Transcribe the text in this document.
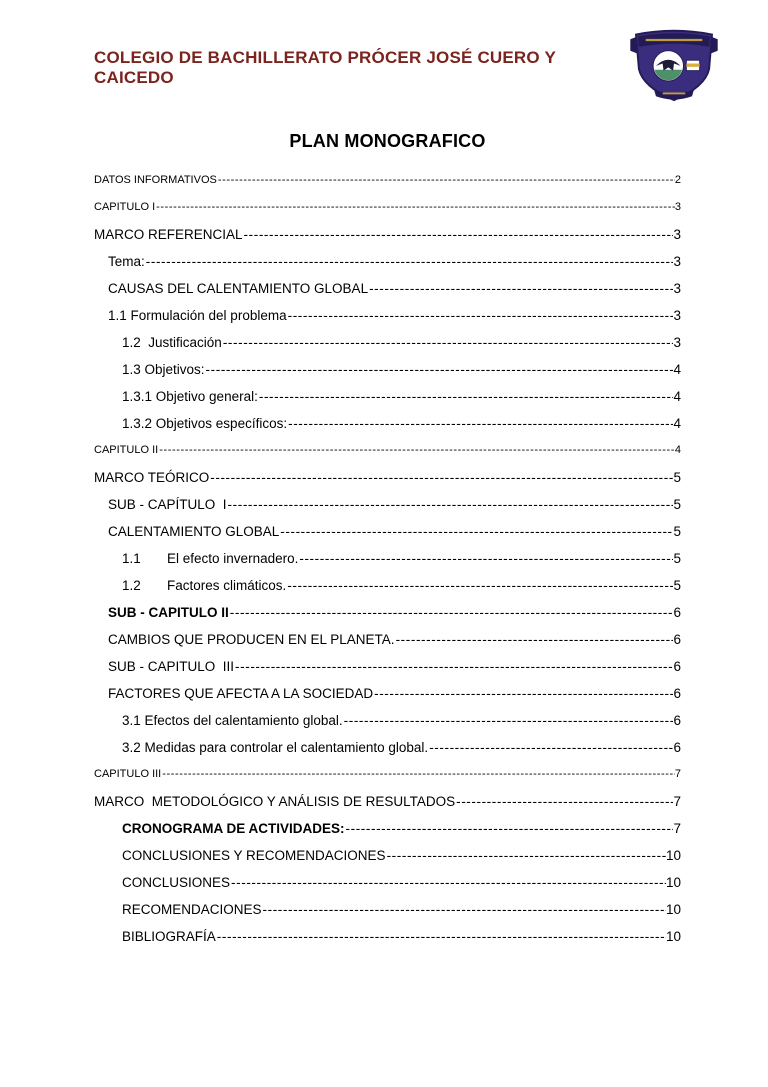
COLEGIO DE BACHILLERATO PRÓCER JOSÉ CUERO Y CAICEDO
PLAN MONOGRAFICO
DATOS INFORMATIVOS -----	2
CAPITULO I -----	3
MARCO REFERENCIAL -----	3
Tema: -----	3
CAUSAS DEL CALENTAMIENTO GLOBAL -----	3
1.1 Formulación del problema -----	3
1.2  Justificación -----	3
1.3 Objetivos: -----	4
1.3.1 Objetivo general: -----	4
1.3.2 Objetivos específicos: -----	4
CAPITULO II -----	4
MARCO TEÓRICO -----	5
SUB - CAPÍTULO  I -----	5
CALENTAMIENTO GLOBAL -----	5
1.1       El efecto invernadero. -----	5
1.2       Factores climáticos. -----	5
SUB - CAPITULO II -----	6
CAMBIOS QUE PRODUCEN EN EL PLANETA. -----	6
SUB - CAPITULO  III -----	6
FACTORES QUE AFECTA A LA SOCIEDAD -----	6
3.1 Efectos del calentamiento global. -----	6
3.2 Medidas para controlar el calentamiento global. -----	6
CAPITULO III -----	7
MARCO  METODOLÓGICO Y ANÁLISIS DE RESULTADOS -----	7
CRONOGRAMA DE ACTIVIDADES: -----	7
CONCLUSIONES Y RECOMENDACIONES -----	10
CONCLUSIONES -----	10
RECOMENDACIONES -----	10
BIBLIOGRAFÍA -----	10
